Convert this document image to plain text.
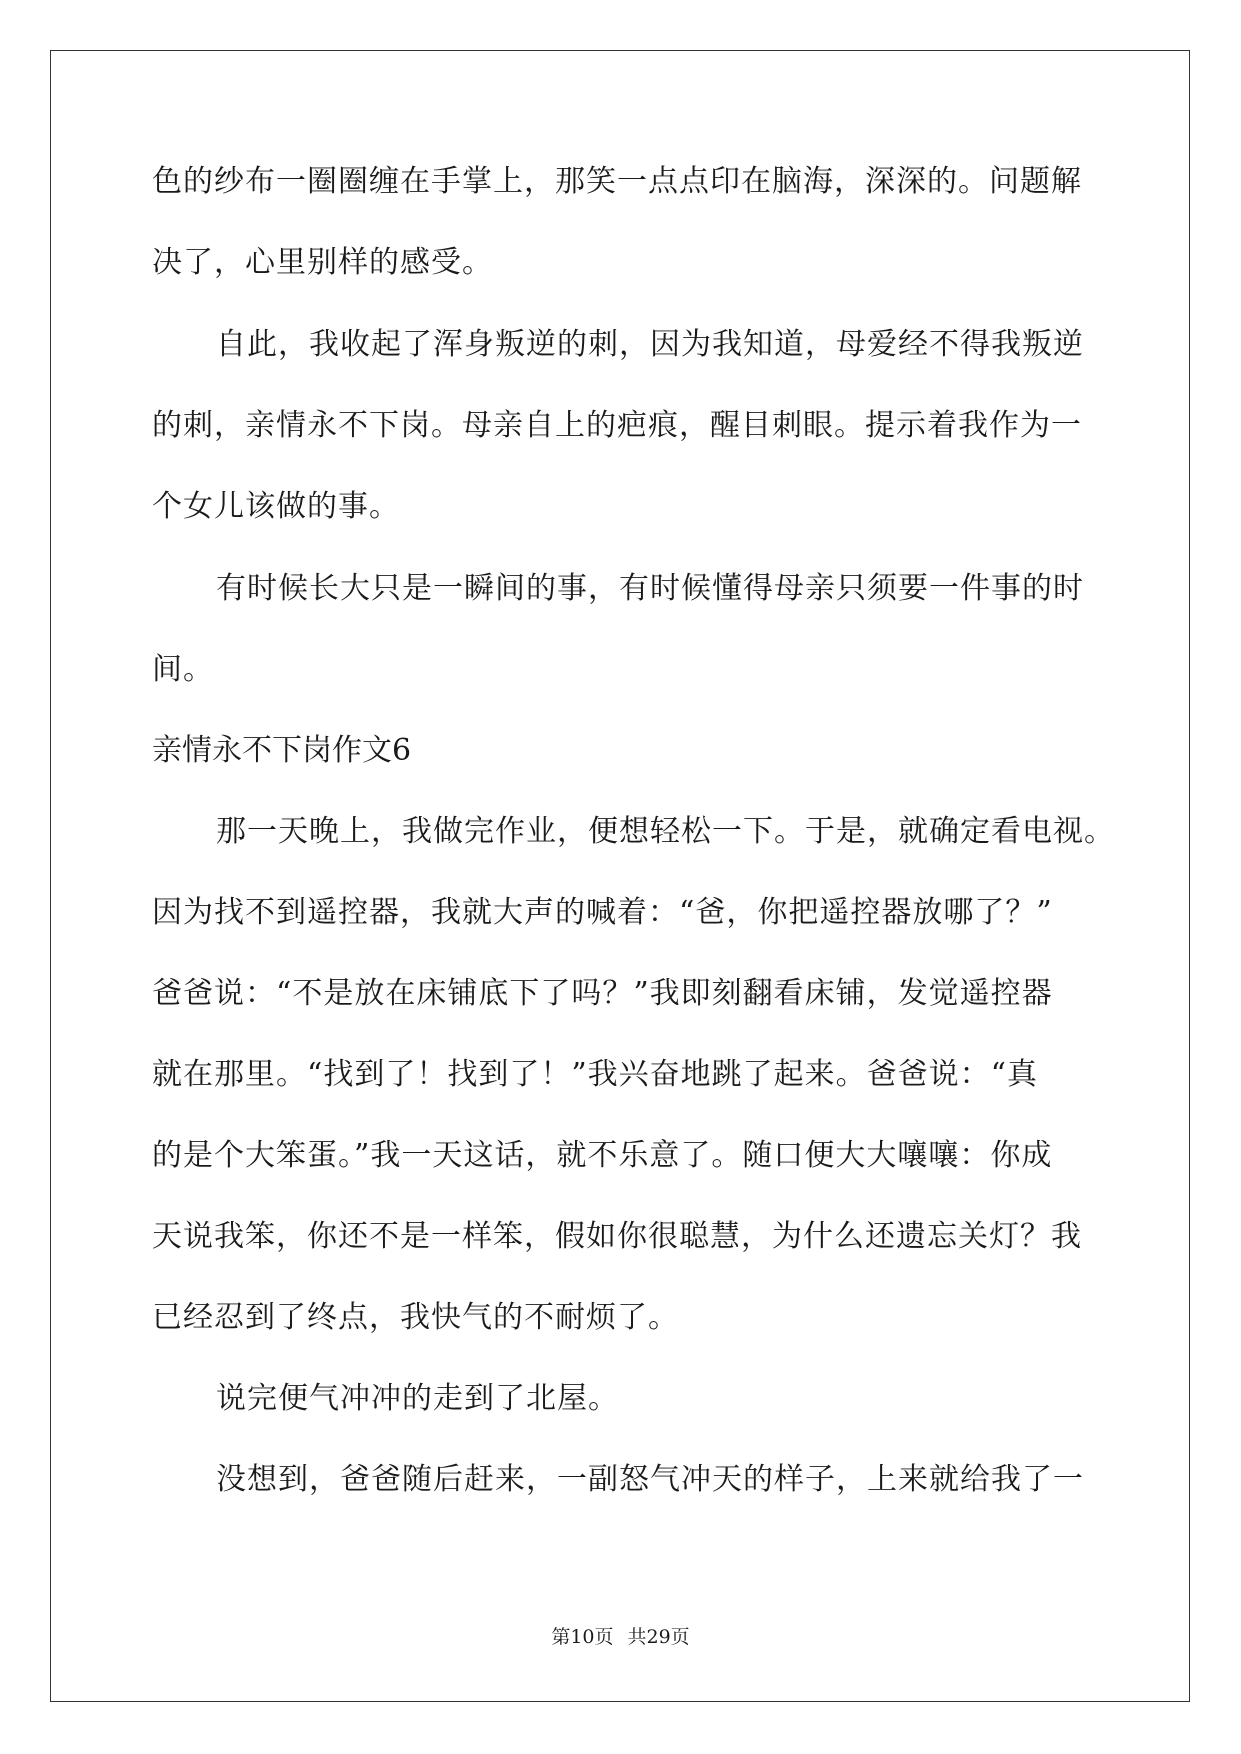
色的纱布一圈圈缠在手掌上，那笑一点点印在脑海，深深的。问题解
决了，心里别样的感受。
自此，我收起了浑身叛逆的刺，因为我知道，母爱经不得我叛逆
的刺，亲情永不下岗。母亲自上的疤痕，醒目刺眼。提示着我作为一
个女儿该做的事。
有时候长大只是一瞬间的事，有时候懂得母亲只须要一件事的时
间。
亲情永不下岗作文6
那一天晚上，我做完作业，便想轻松一下。于是，就确定看电视。
因为找不到遥控器，我就大声的喊着：“爸，你把遥控器放哪了？”
爸爸说：“不是放在床铺底下了吗？”我即刻翻看床铺，发觉遥控器
就在那里。“找到了！找到了！”我兴奋地跳了起来。爸爸说：“真
的是个大笨蛋。”我一天这话，就不乐意了。随口便大大嚷嚷：你成
天说我笨，你还不是一样笨，假如你很聪慧，为什么还遗忘关灯？我
已经忍到了终点，我快气的不耐烦了。
说完便气冲冲的走到了北屋。
没想到，爸爸随后赶来，一副怒气冲天的样子，上来就给我了一
第10页 共29页
